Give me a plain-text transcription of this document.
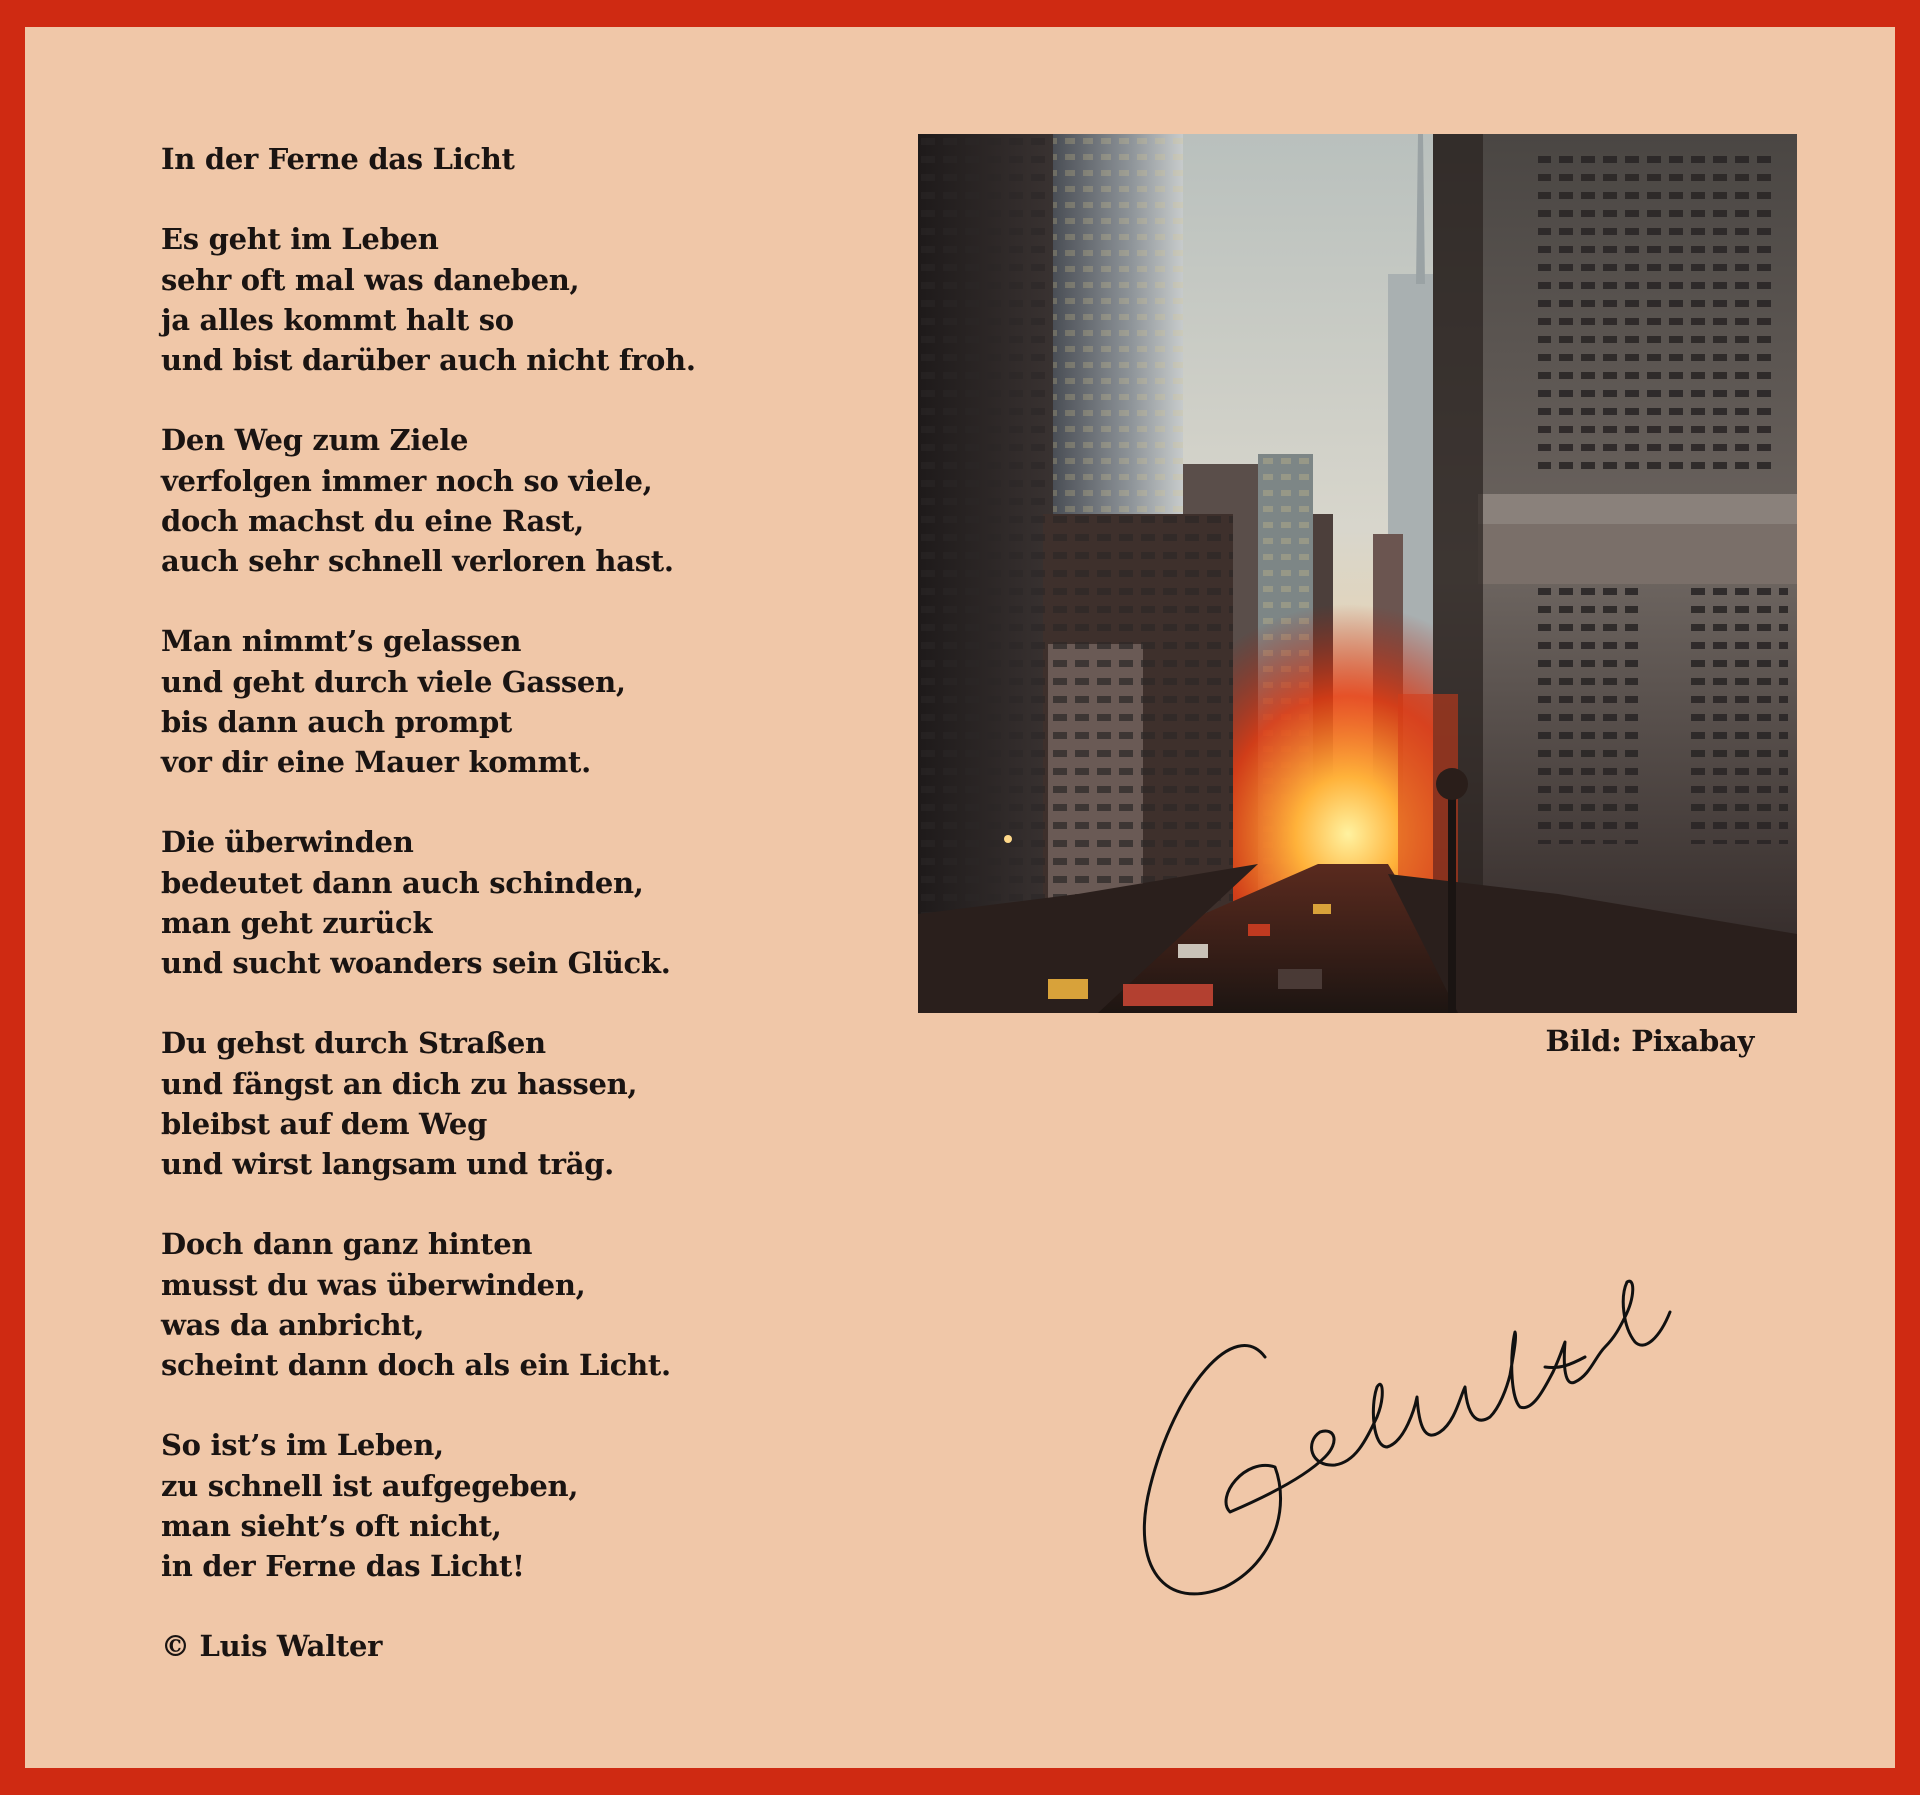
In der Ferne das Licht

Es geht im Leben
sehr oft mal was daneben,
ja alles kommt halt so
und bist darüber auch nicht froh.

Den Weg zum Ziele
verfolgen immer noch so viele,
doch machst du eine Rast,
auch sehr schnell verloren hast.

Man nimmt’s gelassen
und geht durch viele Gassen,
bis dann auch prompt
vor dir eine Mauer kommt.

Die überwinden
bedeutet dann auch schinden,
man geht zurück
und sucht woanders sein Glück.

Du gehst durch Straßen
und fängst an dich zu hassen,
bleibst auf dem Weg
und wirst langsam und träg.

Doch dann ganz hinten
musst du was überwinden,
was da anbricht,
scheint dann doch als ein Licht.

So ist’s im Leben,
zu schnell ist aufgegeben,
man sieht’s oft nicht,
in der Ferne das Licht!

© Luis Walter

Bild: Pixabay
